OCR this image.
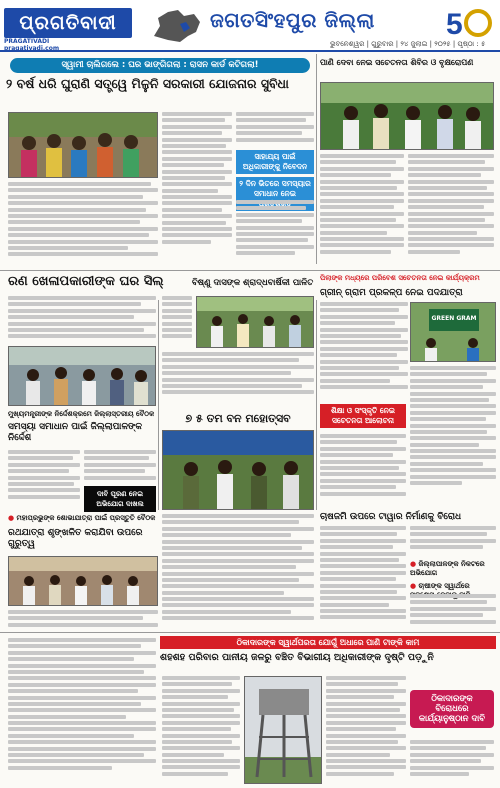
ପ୍ରଗତିବାଦୀ
PRAGATIVADI pragativadi.com
ଜଗତସିଂହପୁର ଜିଲ୍ଲା 5
ଭୁବନେଶ୍ୱର | ଗୁରୁବାର | ୨୪ ଜୁଲାଇ | ୨୦୨୫ | ପୃଷ୍ଠା : ୫
ସ୍ୱାମୀ ଚାଲିଗଲେ : ଘର ଭାଙ୍ଗିଗଲା : ରାସନ କାର୍ଡ କଟିଗଲା!
୨ ବର୍ଷ ଧରି ଘୁରାଣି ସତ୍ତ୍ୱେ ମିଳୁନି ସରକାରୀ ଯୋଜନାର ସୁବିଧା
ସାହାଯ୍ୟ ପାଇଁ ଅଧିକାରୀଙ୍କୁ ନିବେଦନ
୨ ଦିନ ଭିତରେ ସମସ୍ୟାର ସମାଧାନ ନେଇ
ପାଣି ଦେବା ନେଇ ସଚେତନତା ଶିବିର ଓ ବୃକ୍ଷରୋପଣ
ରଣ ଖେଳାପକାରୀଙ୍କ ଘର ସିଲ୍	ବିଷ୍ଣୁ ଦାସଙ୍କ ଶ୍ରାଦ୍ଧବାର୍ଷିକୀ ପାଳିତ ପିଲାଙ୍କ ମଧ୍ୟରେ ପରିବେଶ ସଚେତନତା ନେଇ କାର୍ଯ୍ୟକ୍ରମ
ଗ୍ରୀନ୍ ଗ୍ରାମ ପ୍ରକଳ୍ପ ନେଇ ପଦଯାତ୍ରା
GREEN GRAM
ଶିକ୍ଷା ଓ ସଂସ୍କୃତି ନେଇ ସଚେତନତା ଆଲୋଚନା
ମୁଖ୍ୟମନ୍ତ୍ରୀଙ୍କ ନିର୍ଦ୍ଦେଶକ୍ରମେ ଜିଲ୍ଲାସ୍ତରୀୟ ବୈଠକ
ସମସ୍ୟା ସମାଧାନ ପାଇଁ ଜିଲ୍ଲାପାଳଙ୍କ ନିର୍ଦ୍ଦେଶ
ଦାବି ପୂରଣ ନେଇ ଅଭିଯୋଗ ଦାଖଲ
୭ ୫ ତମ ବନ ମହୋତ୍ସବ
ଚାଷଜମି ଉପରେ ଟାୱାର ନିର୍ମାଣକୁ ବିରୋଧ
● ଜିଲ୍ଲାପାଳଙ୍କ ନିକଟରେ ଅଭିଯୋଗ
● ଚାଷୀଙ୍କ ସ୍ୱାର୍ଥରେ
● ମହାପ୍ରଭୁଙ୍କ ଶୋଭାଯାତ୍ରା ପାଇଁ ପ୍ରସ୍ତୁତି ବୈଠକ
ରଥଯାତ୍ରା ଶୃଙ୍ଖଳିତ କରାଯିବା ଉପରେ ଗୁରୁତ୍ୱ
ଠିକାଦାରଙ୍କ ସ୍ୱାର୍ଥପରତା ଯୋଗୁଁ ଅଧାରେ ପାଣି ଟାଙ୍କି କାମ
ଶହଶହ ପରିବାର ପାନୀୟ ଜଳରୁ ବଞ୍ଚିତ ବିଭାଗୀୟ ଅଧିକାରୀଙ୍କ ଦୃଷ୍ଟି ପଡ଼ୁନି
ଠିକାଦାରଙ୍କ ବିରୋଧରେ କାର୍ଯ୍ୟାନୁଷ୍ଠାନ ଦାବି
